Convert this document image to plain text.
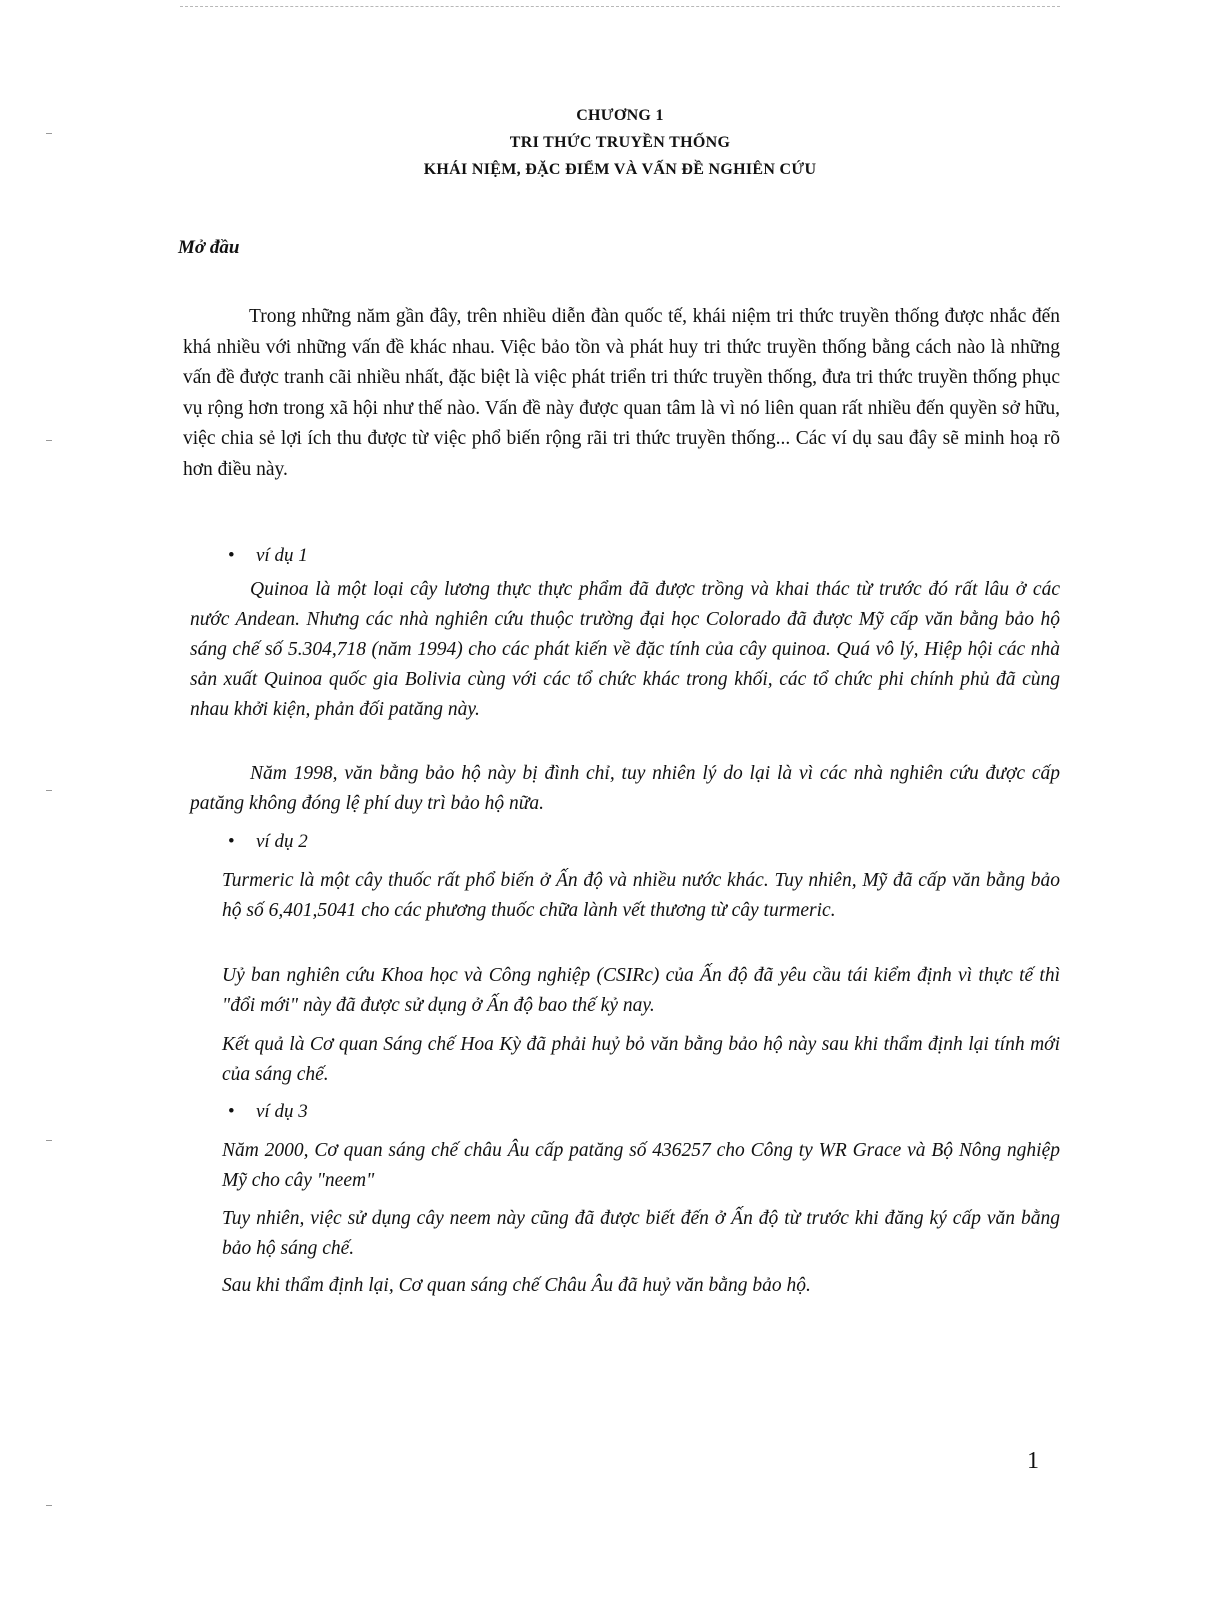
CHƯƠNG 1
TRI THỨC TRUYỀN THỐNG
KHÁI NIỆM, ĐẶC ĐIỂM VÀ VẤN ĐỀ NGHIÊN CỨU
Mở đầu

Trong những năm gần đây, trên nhiều diễn đàn quốc tế, khái niệm tri thức truyền thống được nhắc đến khá nhiều với những vấn đề khác nhau. Việc bảo tồn và phát huy tri thức truyền thống bằng cách nào là những vấn đề được tranh cãi nhiều nhất, đặc biệt là việc phát triển tri thức truyền thống, đưa tri thức truyền thống phục vụ rộng hơn trong xã hội như thế nào. Vấn đề này được quan tâm là vì nó liên quan rất nhiều đến quyền sở hữu, việc chia sẻ lợi ích thu được từ việc phổ biến rộng rãi tri thức truyền thống... Các ví dụ sau đây sẽ minh hoạ rõ hơn điều này.

• ví dụ 1

Quinoa là một loại cây lương thực thực phẩm đã được trồng và khai thác từ trước đó rất lâu ở các nước Andean. Nhưng các nhà nghiên cứu thuộc trường đại học Colorado đã được Mỹ cấp văn bằng bảo hộ sáng chế số 5.304,718 (năm 1994) cho các phát kiến về đặc tính của cây quinoa. Quá vô lý, Hiệp hội các nhà sản xuất Quinoa quốc gia Bolivia cùng với các tổ chức khác trong khối, các tổ chức phi chính phủ đã cùng nhau khởi kiện, phản đối patăng này.

Năm 1998, văn bằng bảo hộ này bị đình chỉ, tuy nhiên lý do lại là vì các nhà nghiên cứu được cấp patăng không đóng lệ phí duy trì bảo hộ nữa.

• ví dụ 2

Turmeric là một cây thuốc rất phổ biến ở Ấn độ và nhiều nước khác. Tuy nhiên, Mỹ đã cấp văn bằng bảo hộ số 6,401,5041 cho các phương thuốc chữa lành vết thương từ cây turmeric.

Uỷ ban nghiên cứu Khoa học và Công nghiệp (CSIRc) của Ấn độ đã yêu cầu tái kiểm định vì thực tế thì "đổi mới" này đã được sử dụng ở Ấn độ bao thế kỷ nay.

Kết quả là Cơ quan Sáng chế Hoa Kỳ đã phải huỷ bỏ văn bằng bảo hộ này sau khi thẩm định lại tính mới của sáng chế.

• ví dụ 3

Năm 2000, Cơ quan sáng chế châu Âu cấp patăng số 436257 cho Công ty WR Grace và Bộ Nông nghiệp Mỹ cho cây "neem"

Tuy nhiên, việc sử dụng cây neem này cũng đã được biết đến ở Ấn độ từ trước khi đăng ký cấp văn bằng bảo hộ sáng chế.

Sau khi thẩm định lại, Cơ quan sáng chế Châu Âu đã huỷ văn bằng bảo hộ.

1
